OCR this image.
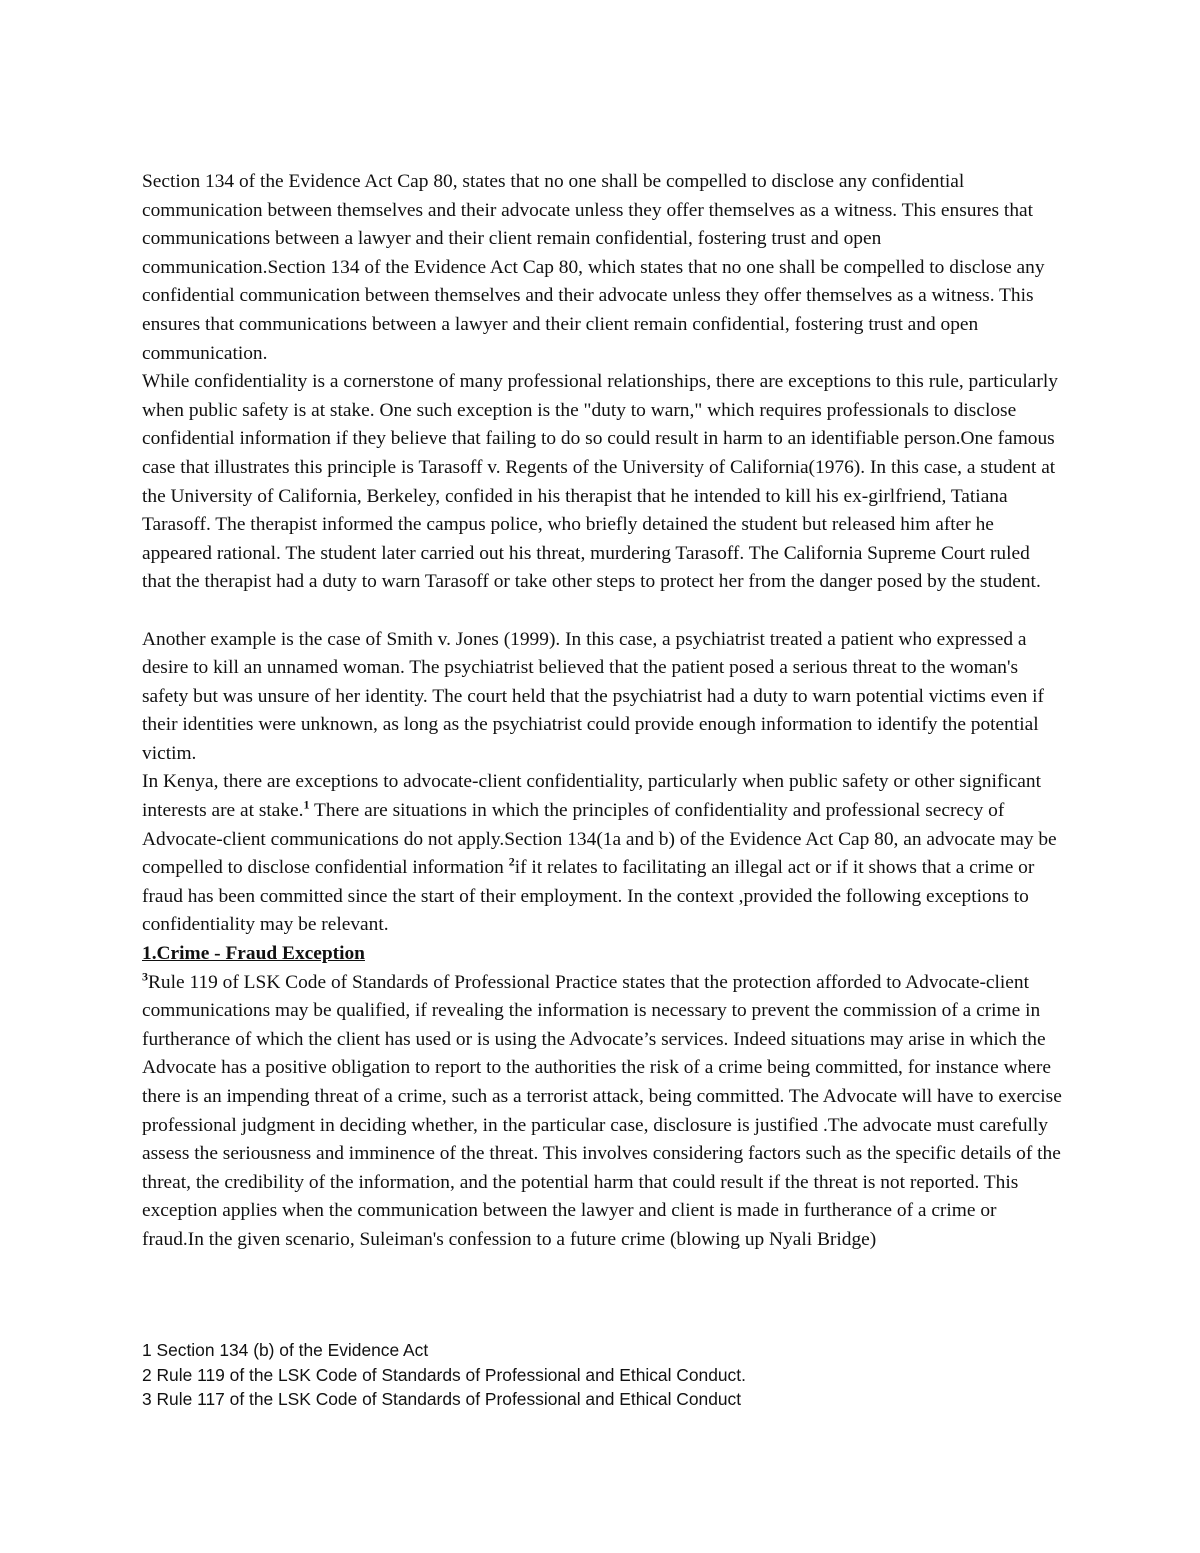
Section 134 of the Evidence Act Cap 80, states that no one shall be compelled to disclose any confidential communication between themselves and their advocate unless they offer themselves as a witness. This ensures that communications between a lawyer and their client remain confidential, fostering trust and open communication.Section 134 of the Evidence Act Cap 80, which states that no one shall be compelled to disclose any confidential communication between themselves and their advocate unless they offer themselves as a witness. This ensures that communications between a lawyer and their client remain confidential, fostering trust and open communication.

While confidentiality is a cornerstone of many professional relationships, there are exceptions to this rule, particularly when public safety is at stake. One such exception is the "duty to warn," which requires professionals to disclose confidential information if they believe that failing to do so could result in harm to an identifiable person.One famous case that illustrates this principle is Tarasoff v. Regents of the University of California(1976). In this case, a student at the University of California, Berkeley, confided in his therapist that he intended to kill his ex-girlfriend, Tatiana Tarasoff. The therapist informed the campus police, who briefly detained the student but released him after he appeared rational. The student later carried out his threat, murdering Tarasoff. The California Supreme Court ruled that the therapist had a duty to warn Tarasoff or take other steps to protect her from the danger posed by the student.

Another example is the case of Smith v. Jones (1999). In this case, a psychiatrist treated a patient who expressed a desire to kill an unnamed woman. The psychiatrist believed that the patient posed a serious threat to the woman's safety but was unsure of her identity. The court held that the psychiatrist had a duty to warn potential victims even if their identities were unknown, as long as the psychiatrist could provide enough information to identify the potential victim.

In Kenya, there are exceptions to advocate-client confidentiality, particularly when public safety or other significant interests are at stake.$^1$ There are situations in which the principles of confidentiality and professional secrecy of Advocate-client communications do not apply.Section 134(1a and b) of the Evidence Act Cap 80, an advocate may be compelled to disclose confidential information $^2$if it relates to facilitating an illegal act or if it shows that a crime or fraud has been committed since the start of their employment. In the context ,provided the following exceptions to confidentiality may be relevant.

1.Crime - Fraud Exception

$^3$Rule 119 of LSK Code of Standards of Professional Practice states that the protection afforded to Advocate-client communications may be qualified, if revealing the information is necessary to prevent the commission of a crime in furtherance of which the client has used or is using the Advocate’s services. Indeed situations may arise in which the Advocate has a positive obligation to report to the authorities the risk of a crime being committed, for instance where there is an impending threat of a crime, such as a terrorist attack, being committed. The Advocate will have to exercise professional judgment in deciding whether, in the particular case, disclosure is justified .The advocate must carefully assess the seriousness and imminence of the threat. This involves considering factors such as the specific details of the threat, the credibility of the information, and the potential harm that could result if the threat is not reported. This exception applies when the communication between the lawyer and client is made in furtherance of a crime or fraud.In the given scenario, Suleiman's confession to a future crime (blowing up Nyali Bridge)

1 Section 134 (b) of the Evidence Act

2 Rule 119 of the LSK Code of Standards of Professional and Ethical Conduct.

3 Rule 117 of the LSK Code of Standards of Professional and Ethical Conduct
